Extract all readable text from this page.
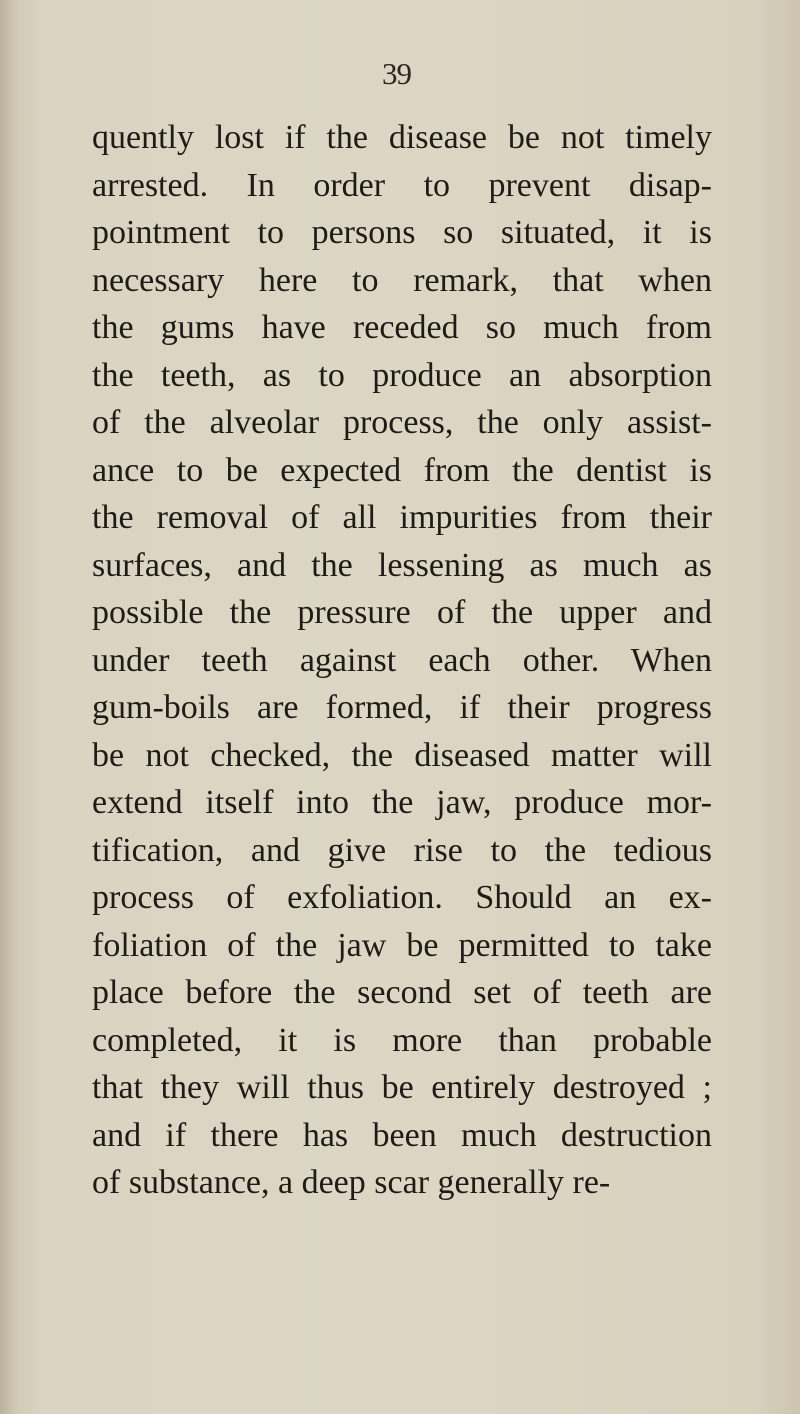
39
quently lost if the disease be not timely
arrested. In order to prevent disap-
pointment to persons so situated, it is
necessary here to remark, that when
the gums have receded so much from
the teeth, as to produce an absorption
of the alveolar process, the only assist-
ance to be expected from the dentist is
the removal of all impurities from their
surfaces, and the lessening as much as
possible the pressure of the upper and
under teeth against each other. When
gum-boils are formed, if their progress
be not checked, the diseased matter will
extend itself into the jaw, produce mor-
tification, and give rise to the tedious
process of exfoliation. Should an ex-
foliation of the jaw be permitted to take
place before the second set of teeth are
completed, it is more than probable
that they will thus be entirely destroyed ;
and if there has been much destruction
of substance, a deep scar generally re-
